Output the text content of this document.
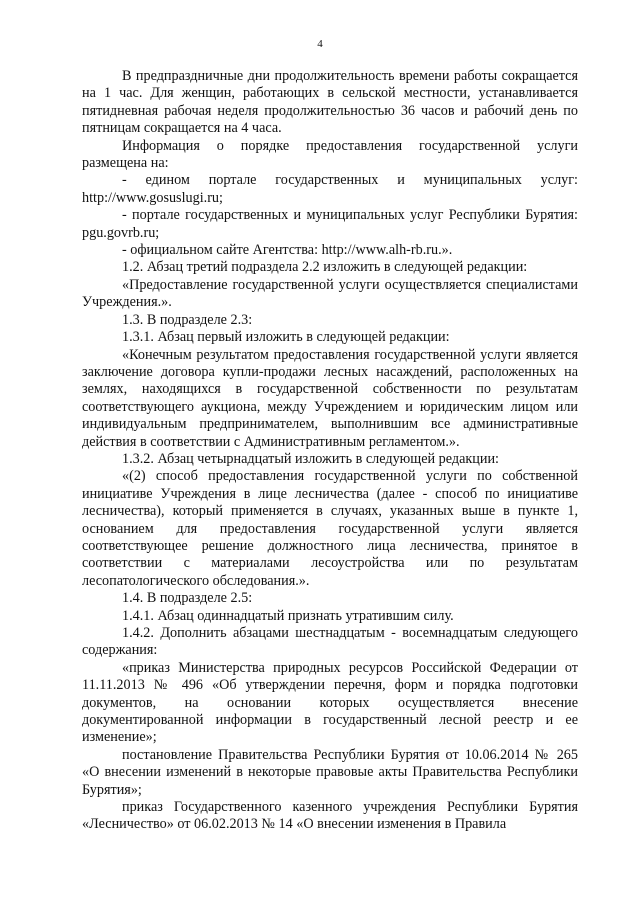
4

В предпраздничные дни продолжительность времени работы сокращается на 1 час. Для женщин, работающих в сельской местности, устанавливается пятидневная рабочая неделя продолжительностью 36 часов и рабочий день по пятницам сокращается на 4 часа.

Информация о порядке предоставления государственной услуги размещена на:

- едином портале государственных и муниципальных услуг: http://www.gosuslugi.ru;

- портале государственных и муниципальных услуг Республики Бурятия: pgu.govrb.ru;

- официальном сайте Агентства: http://www.alh-rb.ru.».

1.2. Абзац третий подраздела 2.2 изложить в следующей редакции:

«Предоставление государственной услуги осуществляется специалистами Учреждения.».

1.3. В подразделе 2.3:

1.3.1. Абзац первый изложить в следующей редакции:

«Конечным результатом предоставления государственной услуги является заключение договора купли-продажи лесных насаждений, расположенных на землях, находящихся в государственной собственности по результатам соответствующего аукциона, между Учреждением и юридическим лицом или индивидуальным предпринимателем, выполнившим все административные действия в соответствии с Административным регламентом.».

1.3.2. Абзац четырнадцатый изложить в следующей редакции:

«(2) способ предоставления государственной услуги по собственной инициативе Учреждения в лице лесничества (далее - способ по инициативе лесничества), который применяется в случаях, указанных выше в пункте 1, основанием для предоставления государственной услуги является соответствующее решение должностного лица лесничества, принятое в соответствии с материалами лесоустройства или по результатам лесопатологического обследования.».

1.4. В подразделе 2.5:

1.4.1. Абзац одиннадцатый признать утратившим силу.

1.4.2. Дополнить абзацами шестнадцатым - восемнадцатым следующего содержания:

«приказ Министерства природных ресурсов Российской Федерации от 11.11.2013 № 496 «Об утверждении перечня, форм и порядка подготовки документов, на основании которых осуществляется внесение документированной информации в государственный лесной реестр и ее изменение»;

постановление Правительства Республики Бурятия от 10.06.2014 № 265 «О внесении изменений в некоторые правовые акты Правительства Республики Бурятия»;

приказ Государственного казенного учреждения Республики Бурятия «Лесничество» от 06.02.2013 № 14 «О внесении изменения в Правила
